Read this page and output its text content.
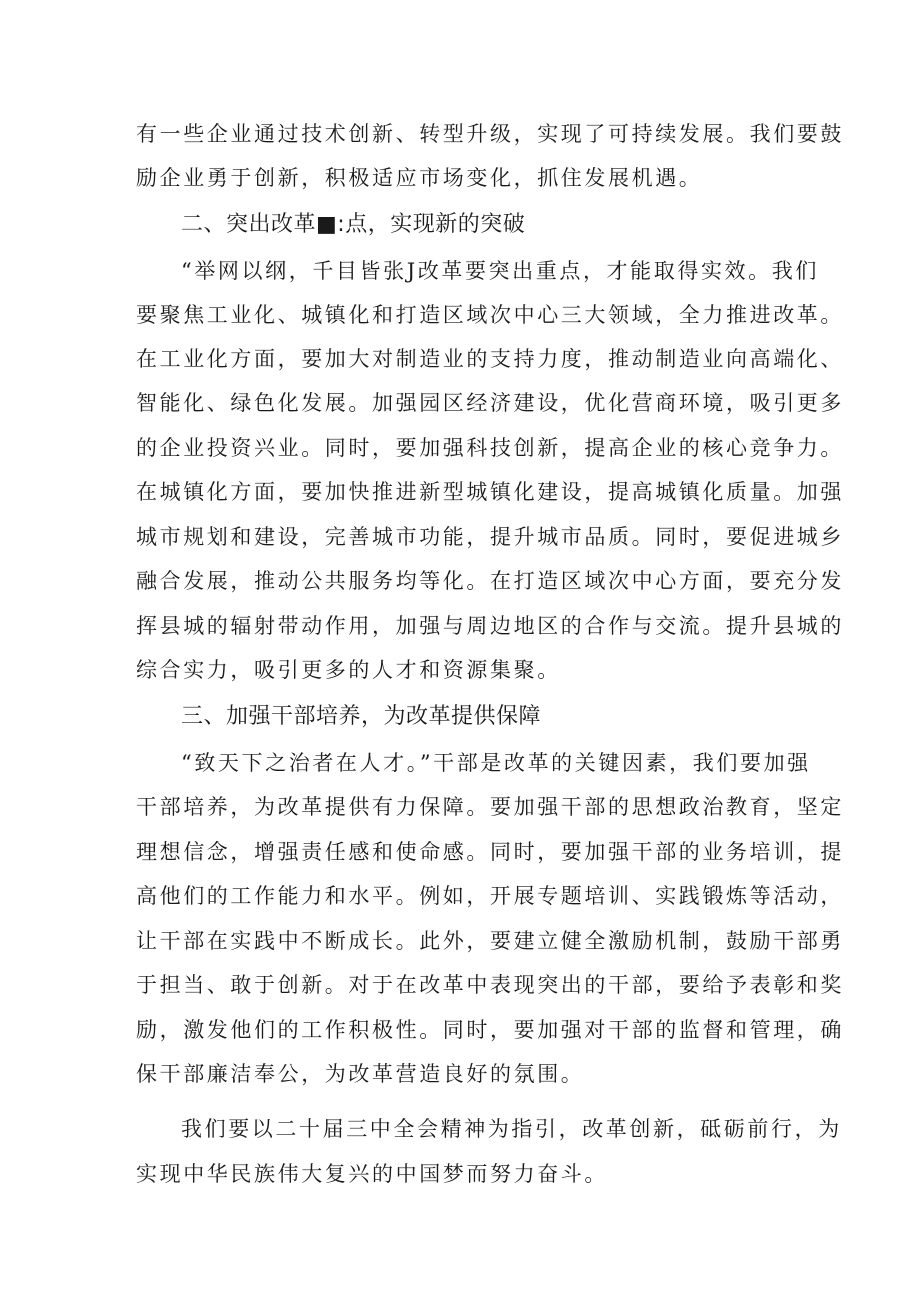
有一些企业通过技术创新、转型升级，实现了可持续发展。我们要鼓
励企业勇于创新，积极适应市场变化，抓住发展机遇。
二、突出改革■:点，实现新的突破
“举网以纲，千目皆张J改革要突出重点，才能取得实效。我们
要聚焦工业化、城镇化和打造区域次中心三大领域，全力推进改革。
在工业化方面，要加大对制造业的支持力度，推动制造业向高端化、
智能化、绿色化发展。加强园区经济建设，优化营商环境，吸引更多
的企业投资兴业。同时，要加强科技创新，提高企业的核心竞争力。
在城镇化方面，要加快推进新型城镇化建设，提高城镇化质量。加强
城市规划和建设，完善城市功能，提升城市品质。同时，要促进城乡
融合发展，推动公共服务均等化。在打造区域次中心方面，要充分发
挥县城的辐射带动作用，加强与周边地区的合作与交流。提升县城的
综合实力，吸引更多的人才和资源集聚。
三、加强干部培养，为改革提供保障
“致天下之治者在人才。”干部是改革的关键因素，我们要加强
干部培养，为改革提供有力保障。要加强干部的思想政治教育，坚定
理想信念，增强责任感和使命感。同时，要加强干部的业务培训，提
高他们的工作能力和水平。例如，开展专题培训、实践锻炼等活动，
让干部在实践中不断成长。此外，要建立健全激励机制，鼓励干部勇
于担当、敢于创新。对于在改革中表现突出的干部，要给予表彰和奖
励，激发他们的工作积极性。同时，要加强对干部的监督和管理，确
保干部廉洁奉公，为改革营造良好的氛围。
我们要以二十届三中全会精神为指引，改革创新，砥砺前行，为
实现中华民族伟大复兴的中国梦而努力奋斗。
